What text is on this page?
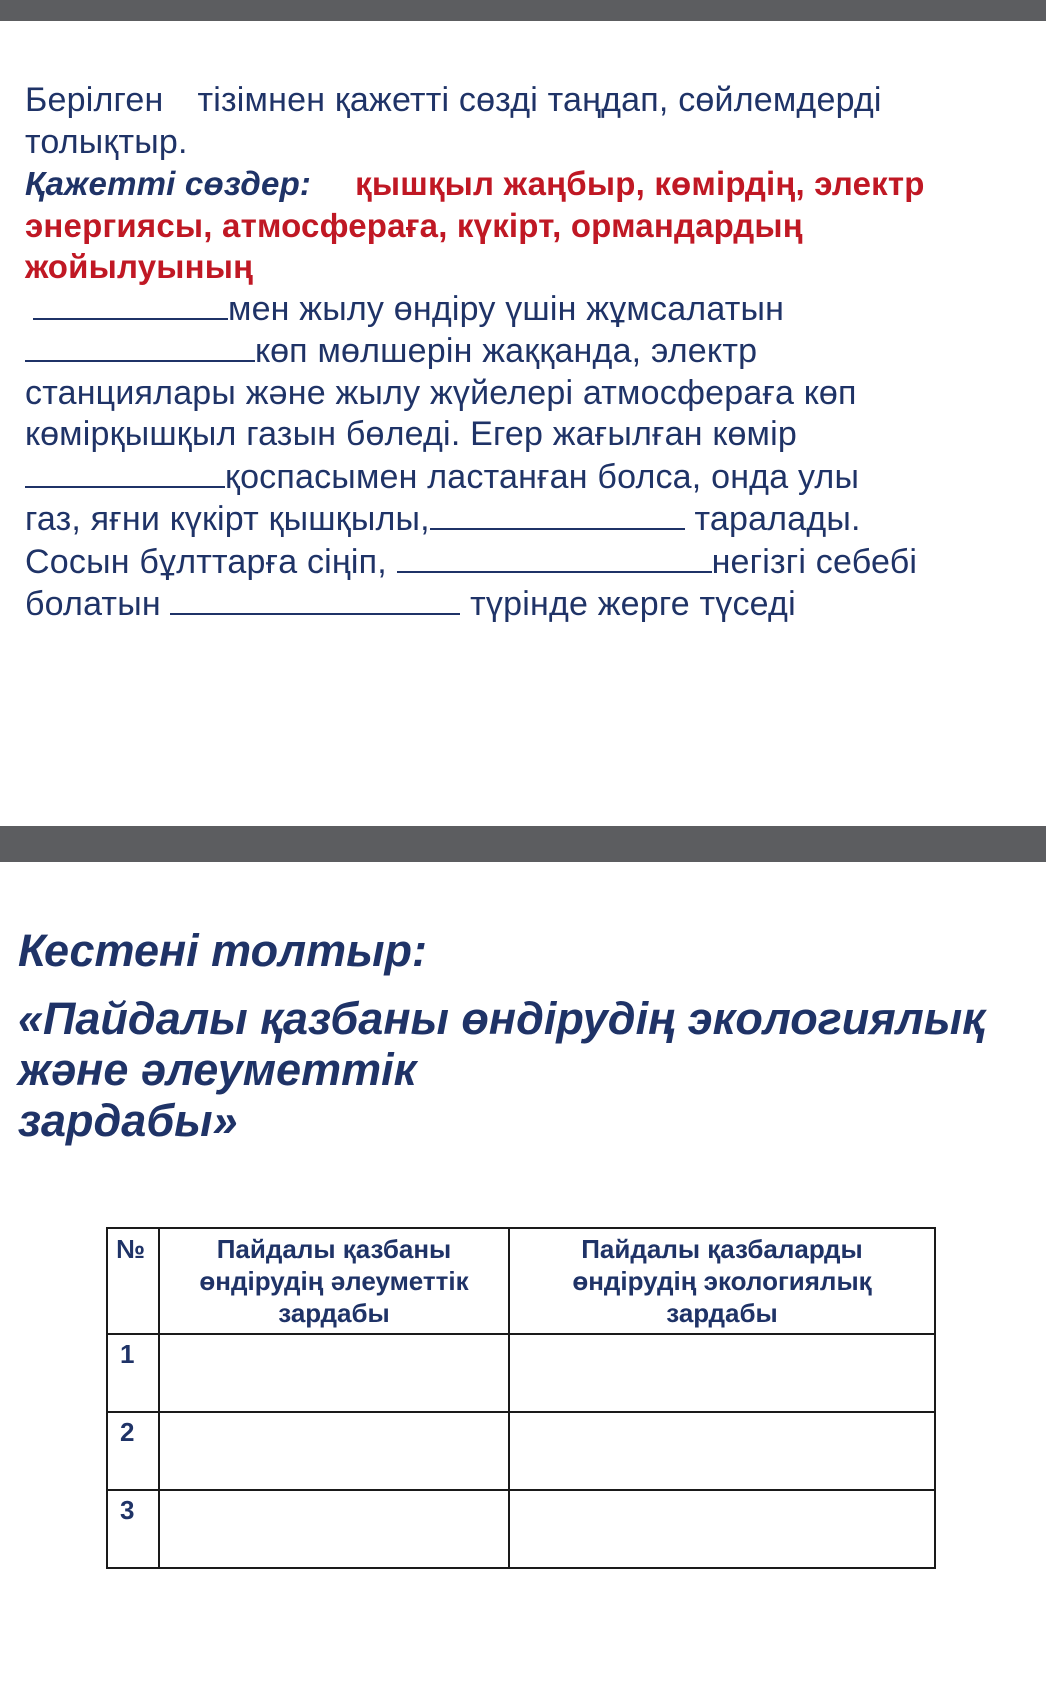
Берілген тізімнен қажетті сөзді таңдап, сөйлемдерді

толықтыр.

Қажетті сөздер: қышқыл жаңбыр, көмірдің, электр

энергиясы, атмосфераға, күкірт, ормандардың

жойылуының

мен жылу өндіру үшін жұмсалатын

көп мөлшерін жаққанда, электр

станциялары және жылу жүйелері атмосфераға көп

көмірқышқыл газын бөледі. Егер жағылған көмір

қоспасымен ластанған болса, онда улы

газ, яғни күкірт қышқылы,	таралады.

Сосын бұлттарға сіңіп,	негізгі себебі

болатын	түрінде жерге түседі

Кестені толтыр:
«Пайдалы қазбаны өндірудің экологиялық
және әлеуметтік
зардабы»
№	Пайдалы қазбаны өндірудің әлеуметтік зардабы	Пайдалы қазбаларды өндірудің экологиялық зардабы
1		
2		
3		
